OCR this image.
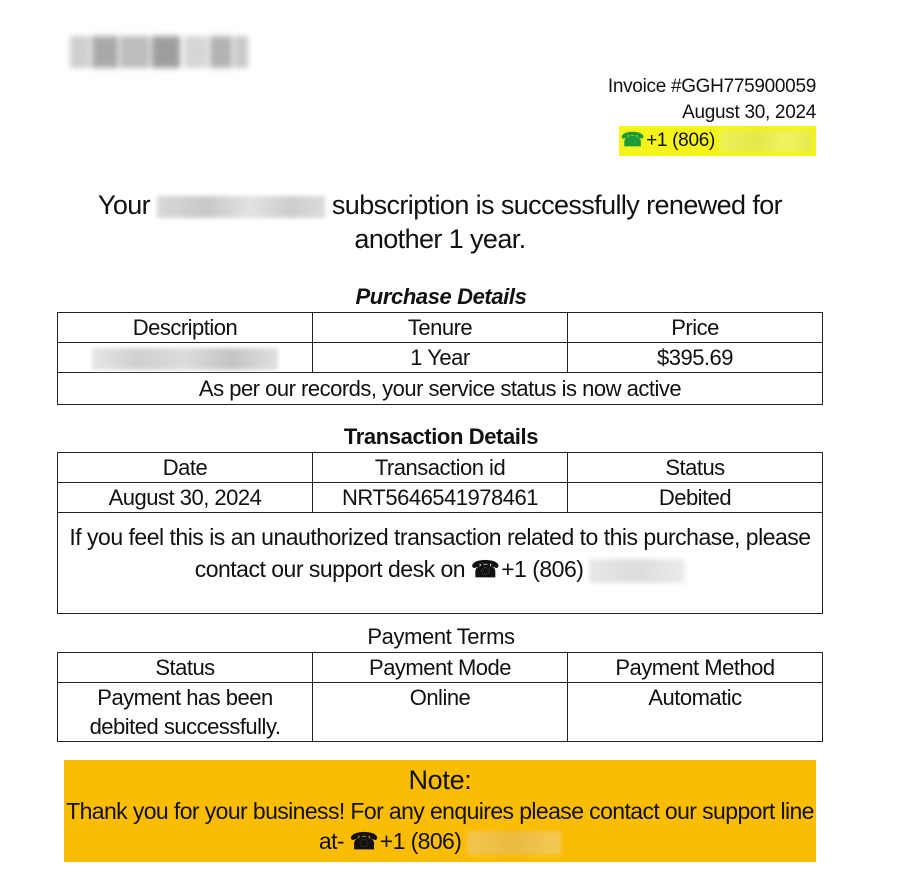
Invoice #GGH775900059
August 30, 2024
☎ +1 (806)
Your	subscription is successfully renewed for another 1 year.
Purchase Details
Description	Tenure	Price
	1 Year	$395.69
As per our records, your service status is now active		
Transaction Details
Date	Transaction id	Status
August 30, 2024	NRT5646541978461	Debited
If you feel this is an unauthorized transaction related to this purchase, please contact our support desk on ☎+1 (806)		
Payment Terms
Status	Payment Mode	Payment Method
Payment has been debited successfully.	Online	Automatic
Note:
Thank you for your business! For any enquires please contact our support line at- ☎+1 (806)
